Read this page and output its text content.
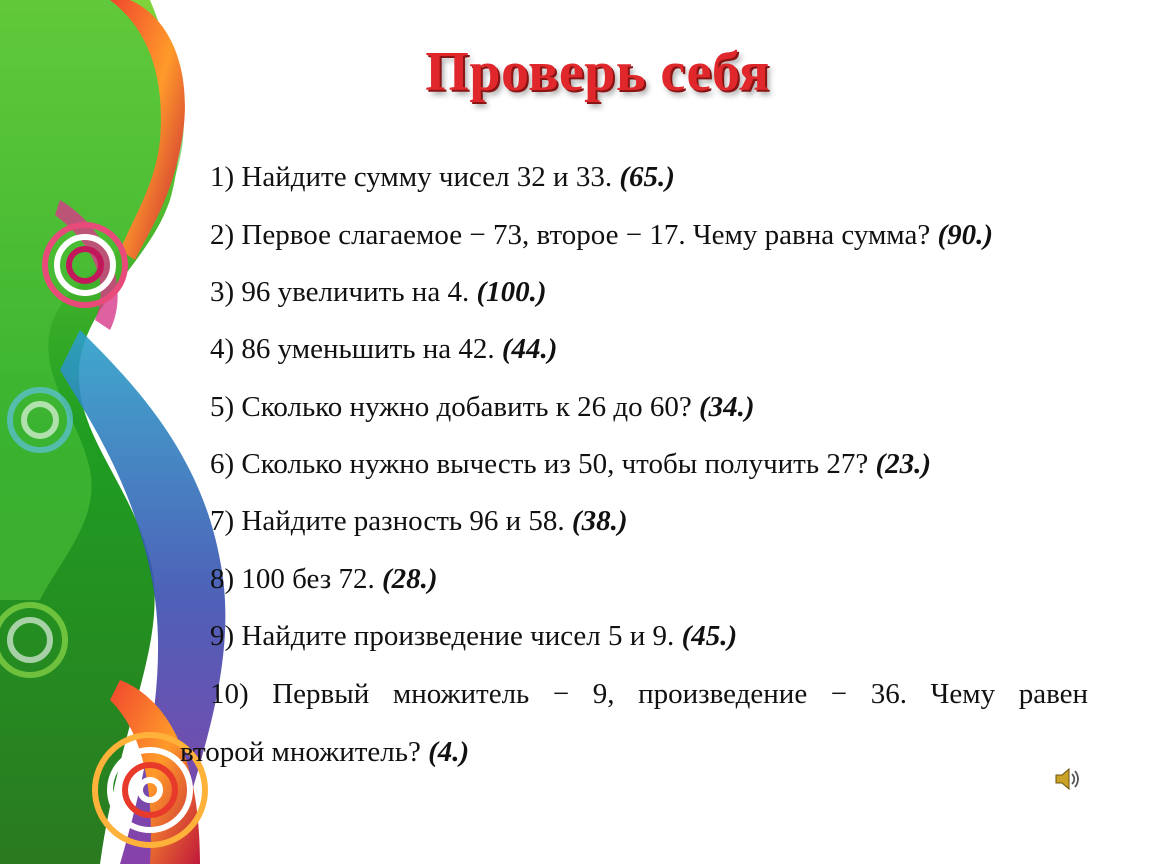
Проверь себя
1) Найдите сумму чисел 32 и 33. (65.)
2) Первое слагаемое − 73, второе − 17. Чему равна сумма? (90.)
3) 96 увеличить на 4. (100.)
4) 86 уменьшить на 42. (44.)
5) Сколько нужно добавить к 26 до 60? (34.)
6) Сколько нужно вычесть из 50, чтобы получить 27? (23.)
7) Найдите разность 96 и 58. (38.)
8) 100 без 72. (28.)
9) Найдите произведение чисел 5 и 9. (45.)
10) Первый множитель − 9, произведение − 36. Чему равен
второй множитель? (4.)
